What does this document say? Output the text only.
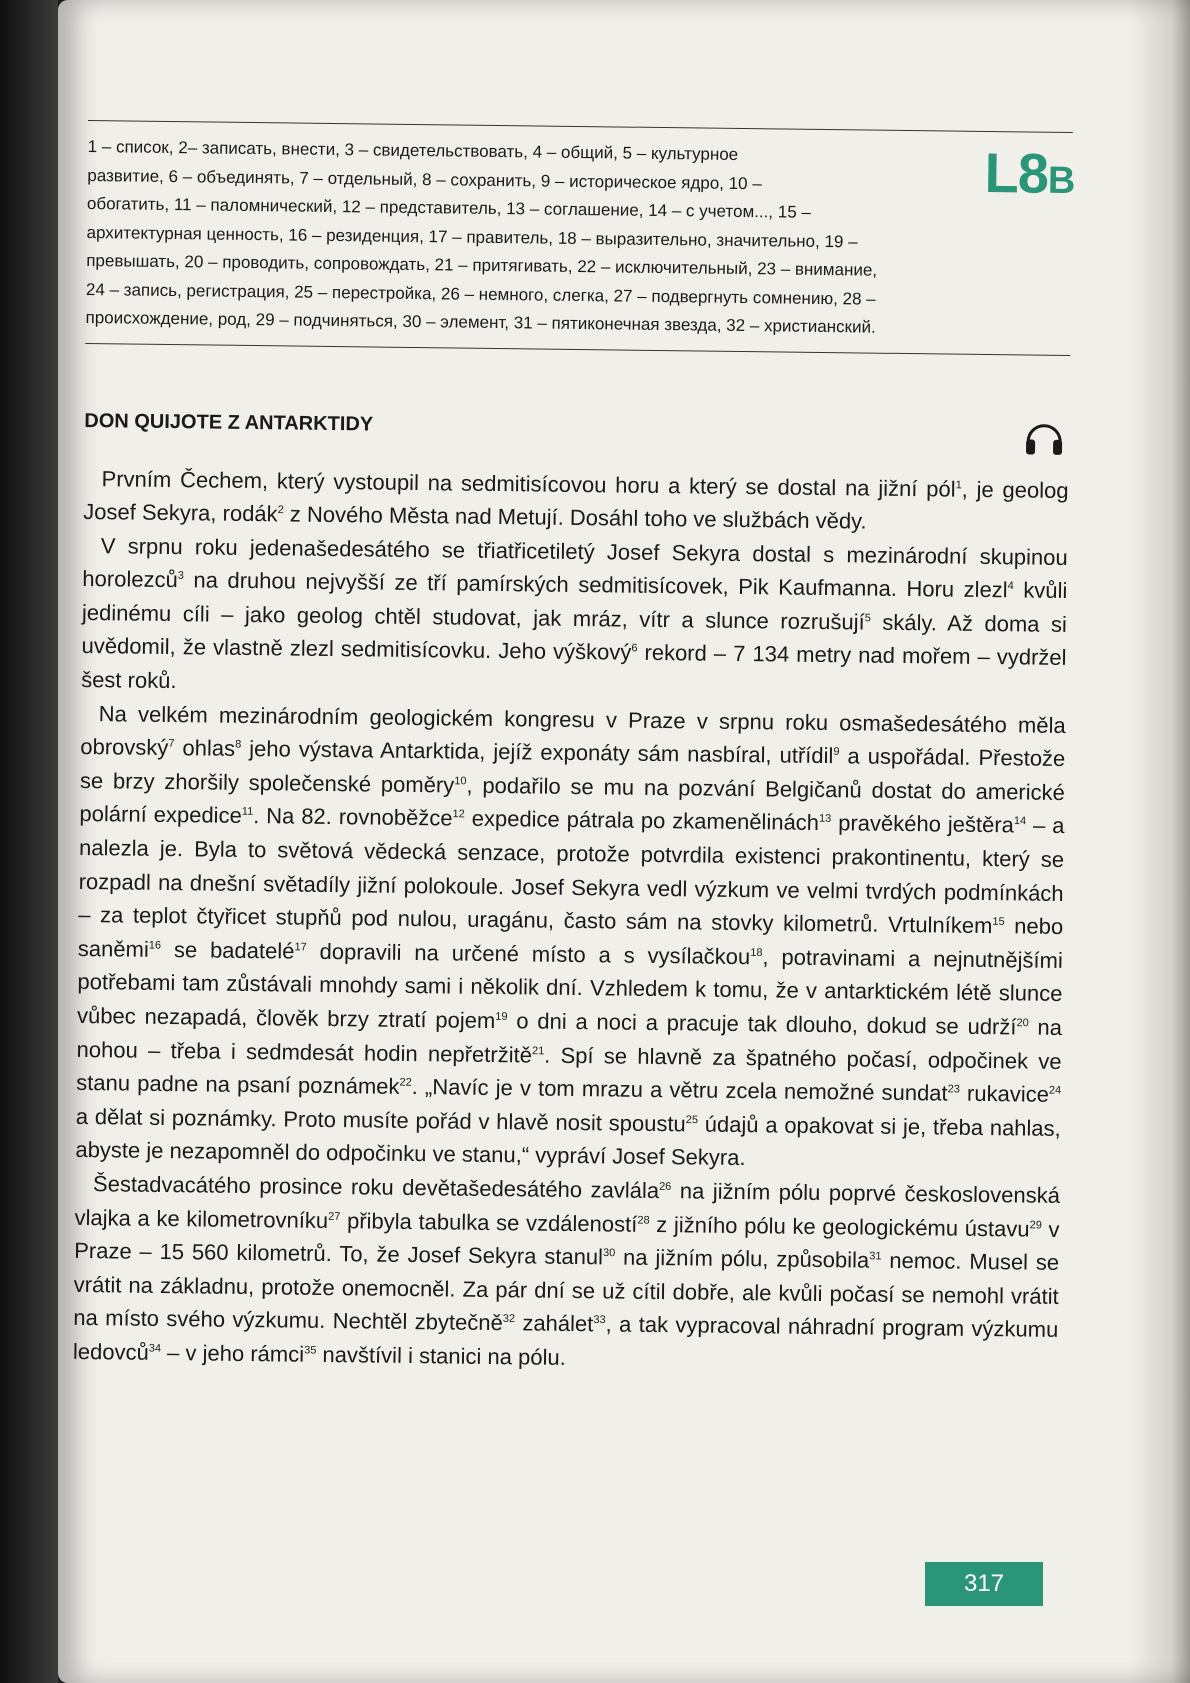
L8B

1 – список, 2– записать, внести, 3 – свидетельствовать, 4 – общий, 5 – культурное

развитие, 6 – объединять, 7 – отдельный, 8 – сохранить, 9 – историческое ядро, 10 –

обогатить, 11 – паломнический, 12 – представитель, 13 – соглашение, 14 – с учетом..., 15 –

архитектурная ценность, 16 – резиденция, 17 – правитель, 18 – выразительно, значительно, 19 –

превышать, 20 – проводить, сопровождать, 21 – притягивать, 22 – исключительный, 23 – внимание,

24 – запись, регистрация, 25 – перестройка, 26 – немного, слегка, 27 – подвергнуть сомнению, 28 –

происхождение, род, 29 – подчиняться, 30 – элемент, 31 – пятиконечная звезда, 32 – христианский.

DON QUIJOTE Z ANTARKTIDY

Prvním Čechem, který vystoupil na sedmitisícovou horu a který se dostal na jižní pól$^1$, je geolog Josef Sekyra, rodák$^2$ z Nového Města nad Metují. Dosáhl toho ve službách vědy.

V srpnu roku jedenašedesátého se třiatřicetiletý Josef Sekyra dostal s mezinárodní skupinou horolezců$^3$ na druhou nejvyšší ze tří pamírských sedmitisícovek, Pik Kaufmanna. Horu zlezl$^4$ kvůli jedinému cíli – jako geolog chtěl studovat, jak mráz, vítr a slunce rozrušují$^5$ skály. Až doma si uvědomil, že vlastně zlezl sedmitisícovku. Jeho výškový$^6$ rekord – 7 134 metry nad mořem – vydržel šest roků.

Na velkém mezinárodním geologickém kongresu v Praze v srpnu roku osmašedesátého měla obrovský$^7$ ohlas$^8$ jeho výstava Antarktida, jejíž exponáty sám nasbíral, utřídil$^9$ a uspořádal. Přestože se brzy zhoršily společenské poměry$^{10}$, podařilo se mu na pozvání Belgičanů dostat do americké polární expedice$^{11}$. Na 82. rovnoběžce$^{12}$ expedice pátrala po zkamenělinách$^{13}$ pravěkého ještěra$^{14}$ – a nalezla je. Byla to světová vědecká senzace, protože potvrdila existenci prakontinentu, který se rozpadl na dnešní světadíly jižní polokoule. Josef Sekyra vedl výzkum ve velmi tvrdých podmínkách – za teplot čtyřicet stupňů pod nulou, uragánu, často sám na stovky kilometrů. Vrtulníkem$^{15}$ nebo saněmi$^{16}$ se badatelé$^{17}$ dopravili na určené místo a s vysílačkou$^{18}$, potravinami a nejnutnějšími potřebami tam zůstávali mnohdy sami i několik dní. Vzhledem k tomu, že v antarktickém létě slunce vůbec nezapadá, člověk brzy ztratí pojem$^{19}$ o dni a noci a pracuje tak dlouho, dokud se udrží$^{20}$ na nohou – třeba i sedmdesát hodin nepřetržitě$^{21}$. Spí se hlavně za špatného počasí, odpočinek ve stanu padne na psaní poznámek$^{22}$. „Navíc je v tom mrazu a větru zcela nemožné sundat$^{23}$ rukavice$^{24}$ a dělat si poznámky. Proto musíte pořád v hlavě nosit spoustu$^{25}$ údajů a opakovat si je, třeba nahlas, abyste je nezapomněl do odpočinku ve stanu,“ vypráví Josef Sekyra.

Šestadvacátého prosince roku devětašedesátého zavlála$^{26}$ na jižním pólu poprvé československá vlajka a ke kilometrovníku$^{27}$ přibyla tabulka se vzdáleností$^{28}$ z jižního pólu ke geologickému ústavu$^{29}$ v Praze – 15 560 kilometrů. To, že Josef Sekyra stanul$^{30}$ na jižním pólu, způsobila$^{31}$ nemoc. Musel se vrátit na základnu, protože onemocněl. Za pár dní se už cítil dobře, ale kvůli počasí se nemohl vrátit na místo svého výzkumu. Nechtěl zbytečně$^{32}$ zahálet$^{33}$, a tak vypracoval náhradní program výzkumu ledovců$^{34}$ – v jeho rámci$^{35}$ navštívil i stanici na pólu.

317
